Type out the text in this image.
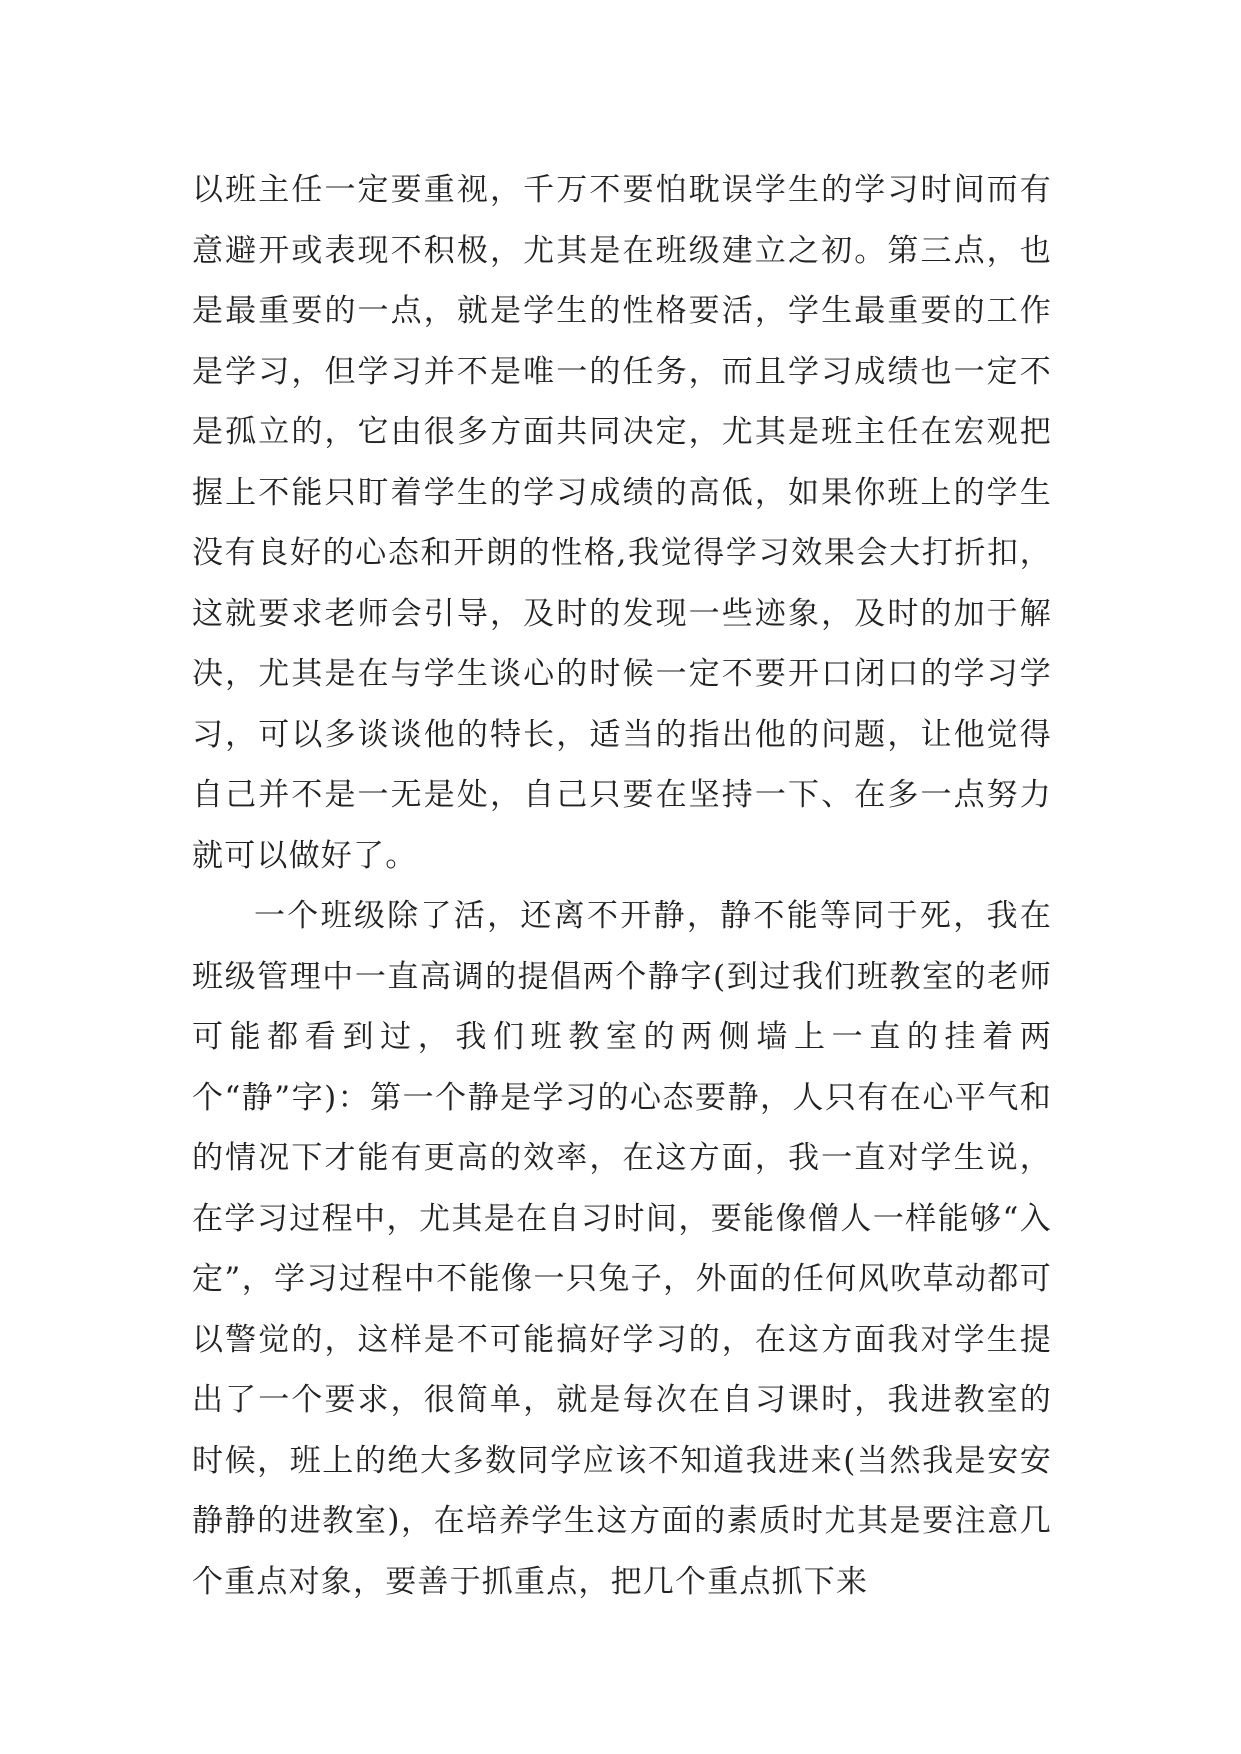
以班主任一定要重视，千万不要怕耽误学生的学习时间而有意避开或表现不积极，尤其是在班级建立之初。第三点，也是最重要的一点，就是学生的性格要活，学生最重要的工作是学习，但学习并不是唯一的任务，而且学习成绩也一定不是孤立的，它由很多方面共同决定，尤其是班主任在宏观把握上不能只盯着学生的学习成绩的高低，如果你班上的学生没有良好的心态和开朗的性格,我觉得学习效果会大打折扣，这就要求老师会引导，及时的发现一些迹象，及时的加于解决，尤其是在与学生谈心的时候一定不要开口闭口的学习学习，可以多谈谈他的特长，适当的指出他的问题，让他觉得自己并不是一无是处，自己只要在坚持一下、在多一点努力就可以做好了。

一个班级除了活，还离不开静，静不能等同于死，我在班级管理中一直高调的提倡两个静字(到过我们班教室的老师可能都看到过，我们班教室的两侧墙上一直的挂着两个“静”字)：第一个静是学习的心态要静，人只有在心平气和的情况下才能有更高的效率，在这方面，我一直对学生说，在学习过程中，尤其是在自习时间，要能像僧人一样能够“入定”，学习过程中不能像一只兔子，外面的任何风吹草动都可以警觉的，这样是不可能搞好学习的，在这方面我对学生提出了一个要求，很简单，就是每次在自习课时，我进教室的时候，班上的绝大多数同学应该不知道我进来(当然我是安安静静的进教室)，在培养学生这方面的素质时尤其是要注意几个重点对象，要善于抓重点，把几个重点抓下来
